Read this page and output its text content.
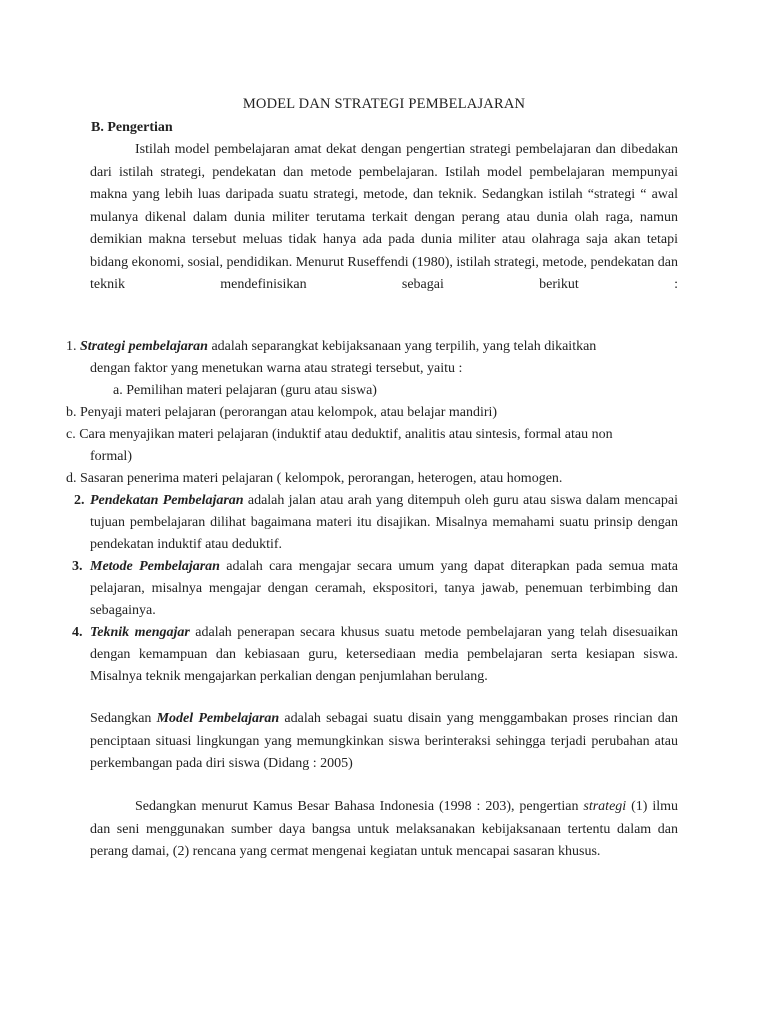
MODEL DAN STRATEGI PEMBELAJARAN
B. Pengertian
Istilah model pembelajaran amat dekat dengan pengertian strategi pembelajaran dan dibedakan dari istilah strategi, pendekatan dan metode pembelajaran. Istilah model pembelajaran mempunyai makna yang lebih luas daripada suatu strategi, metode, dan teknik. Sedangkan istilah “strategi “ awal mulanya dikenal dalam dunia militer terutama terkait dengan perang atau dunia olah raga, namun demikian makna tersebut meluas tidak hanya ada pada dunia militer atau olahraga saja akan tetapi bidang ekonomi, sosial, pendidikan. Menurut Ruseffendi (1980), istilah strategi, metode, pendekatan dan teknik mendefinisikan sebagai berikut :
1. Strategi pembelajaran adalah separangkat kebijaksanaan yang terpilih, yang telah dikaitkan
dengan faktor yang menetukan warna atau strategi tersebut, yaitu :
a. Pemilihan materi pelajaran (guru atau siswa)
b. Penyaji materi pelajaran (perorangan atau kelompok, atau belajar mandiri)
c. Cara menyajikan materi pelajaran (induktif atau deduktif, analitis atau sintesis, formal atau non
formal)
d. Sasaran penerima materi pelajaran ( kelompok, perorangan, heterogen, atau homogen.
2. Pendekatan Pembelajaran adalah jalan atau arah yang ditempuh oleh guru atau siswa dalam mencapai tujuan pembelajaran dilihat bagaimana materi itu disajikan. Misalnya memahami suatu prinsip dengan pendekatan induktif atau deduktif.
3. Metode Pembelajaran adalah cara mengajar secara umum yang dapat diterapkan pada semua mata pelajaran, misalnya mengajar dengan ceramah, ekspositori, tanya jawab, penemuan terbimbing dan sebagainya.
4. Teknik mengajar adalah penerapan secara khusus suatu metode pembelajaran yang telah disesuaikan dengan kemampuan dan kebiasaan guru, ketersediaan media pembelajaran serta kesiapan siswa. Misalnya teknik mengajarkan perkalian dengan penjumlahan berulang.
Sedangkan Model Pembelajaran adalah sebagai suatu disain yang menggambakan proses rincian dan penciptaan situasi lingkungan yang memungkinkan siswa berinteraksi sehingga terjadi perubahan atau perkembangan pada diri siswa (Didang : 2005)
Sedangkan menurut Kamus Besar Bahasa Indonesia (1998 : 203), pengertian strategi (1) ilmu dan seni menggunakan sumber daya bangsa untuk melaksanakan kebijaksanaan tertentu dalam dan perang damai, (2) rencana yang cermat mengenai kegiatan untuk mencapai sasaran khusus.
